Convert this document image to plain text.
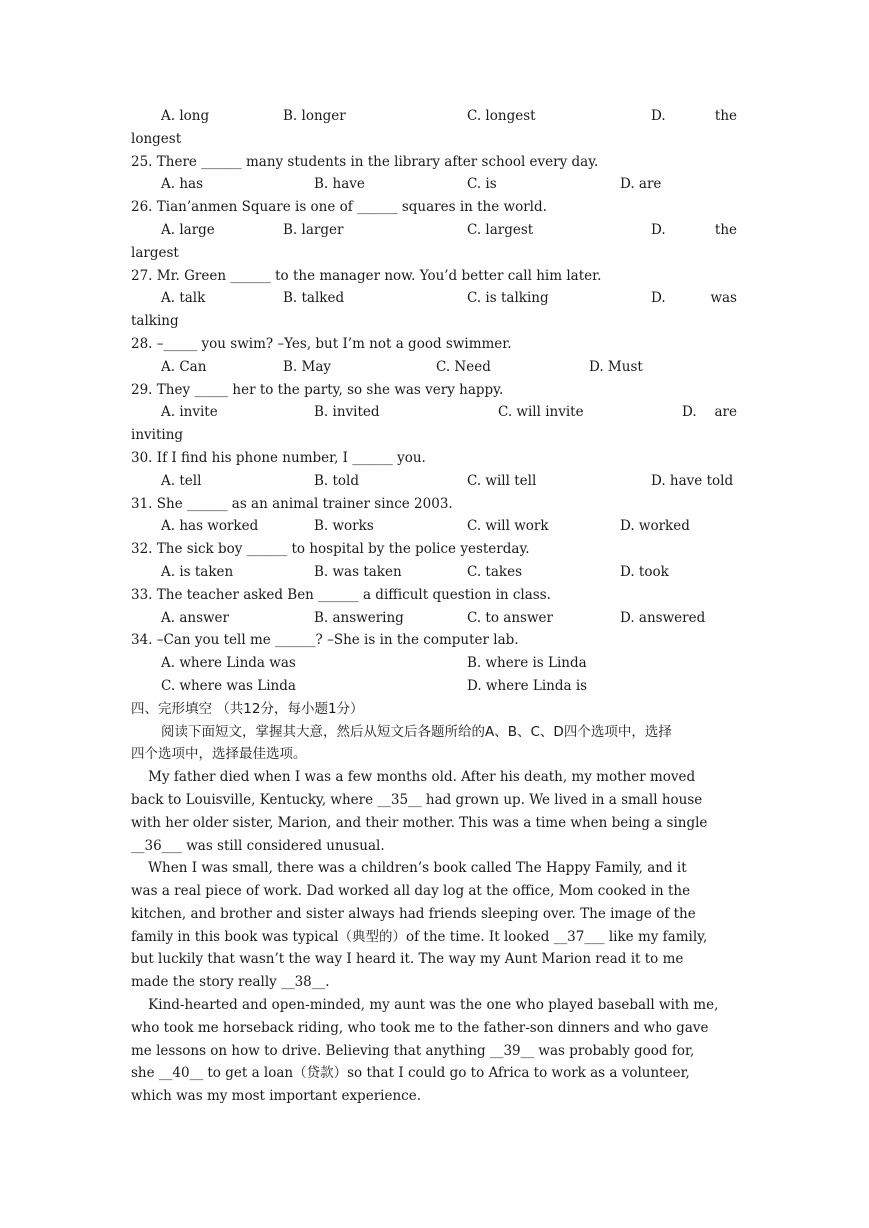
A. long	B. longer	C. longest	D.	the
longest
25. There ______ many students in the library after school every day.
A. has	B. have	C. is	D. are
26. Tian’anmen Square is one of ______ squares in the world.
A. large	B. larger	C. largest	D.	the
largest
27. Mr. Green ______ to the manager now. You’d better call him later.
A. talk	B. talked	C. is talking	D.	was
talking
28. –_____ you swim? –Yes, but I’m not a good swimmer.
A. Can	B. May	C. Need	D. Must
29. They _____ her to the party, so she was very happy.
A. invite	B. invited	C. will invite	D. are
inviting
30. If I find his phone number, I ______ you.
A. tell	B. told	C. will tell	D. have told
31. She ______ as an animal trainer since 2003.
A. has worked	B. works	C. will work	D. worked
32. The sick boy ______ to hospital by the police yesterday.
A. is taken	B. was taken	C. takes	D. took
33. The teacher asked Ben ______ a difficult question in class.
A. answer	B. answering	C. to answer	D. answered
34. –Can you tell me ______? –She is in the computer lab.
A. where Linda was	B. where is Linda
C. where was Linda	D. where Linda is
四、完形填空 （共12分，每小题1分）
阅读下面短文，掌握其大意，然后从短文后各题所给的A、B、C、D四个选项中，选择
四个选项中，选择最佳选项。
My father died when I was a few months old. After his death, my mother moved
back to Louisville, Kentucky, where __35__ had grown up. We lived in a small house
with her older sister, Marion, and their mother. This was a time when being a single
__36___ was still considered unusual.
When I was small, there was a children’s book called The Happy Family, and it
was a real piece of work. Dad worked all day log at the office, Mom cooked in the
kitchen, and brother and sister always had friends sleeping over. The image of the
family in this book was typical（典型的）of the time. It looked __37___ like my family,
but luckily that wasn’t the way I heard it. The way my Aunt Marion read it to me
made the story really __38__.
Kind-hearted and open-minded, my aunt was the one who played baseball with me,
who took me horseback riding, who took me to the father-son dinners and who gave
me lessons on how to drive. Believing that anything __39__ was probably good for,
she __40__ to get a loan（贷款）so that I could go to Africa to work as a volunteer,
which was my most important experience.
